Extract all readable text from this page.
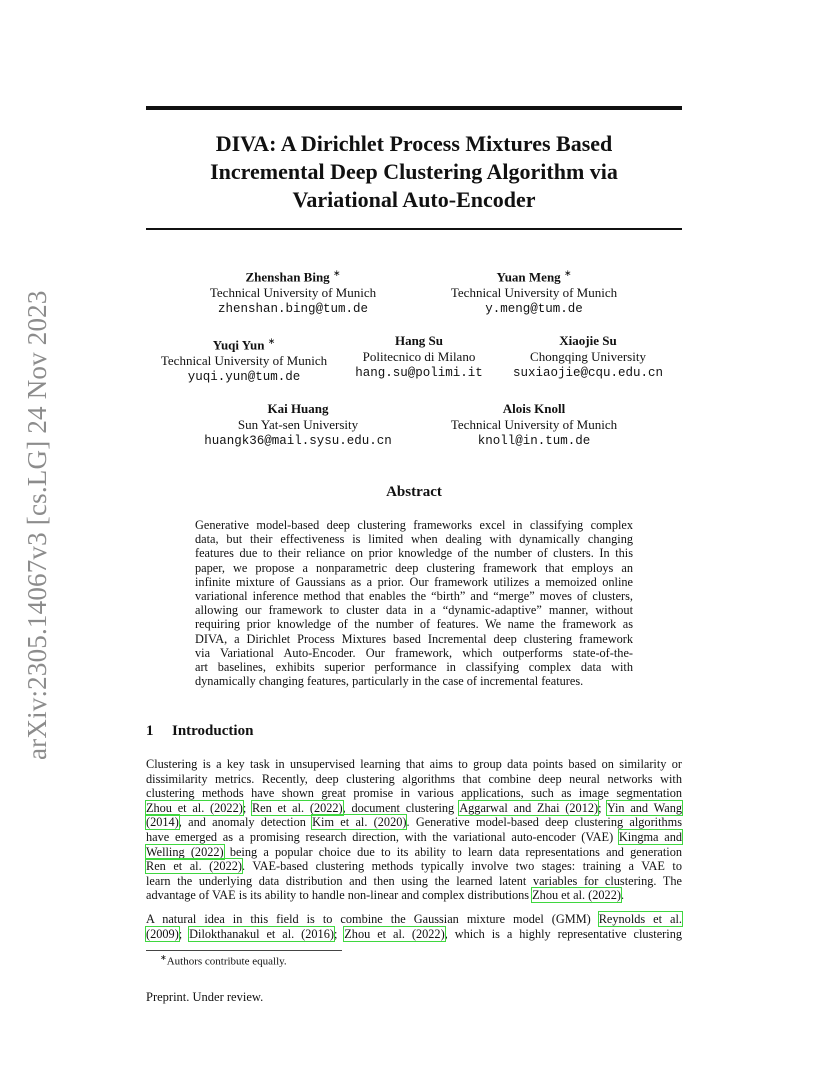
arXiv:2305.14067v3 [cs.LG] 24 Nov 2023
DIVA: A Dirichlet Process Mixtures Based
Incremental Deep Clustering Algorithm via
Variational Auto-Encoder
Zhenshan Bing ∗
Technical University of Munich
zhenshan.bing@tum.de
Yuan Meng ∗
Technical University of Munich
y.meng@tum.de
Yuqi Yun ∗
Technical University of Munich
yuqi.yun@tum.de
Hang Su
Politecnico di Milano
hang.su@polimi.it
Xiaojie Su
Chongqing University
suxiaojie@cqu.edu.cn
Kai Huang
Sun Yat-sen University
huangk36@mail.sysu.edu.cn
Alois Knoll
Technical University of Munich
knoll@in.tum.de
Abstract
Generative model-based deep clustering frameworks excel in classifying complex
data, but their effectiveness is limited when dealing with dynamically changing
features due to their reliance on prior knowledge of the number of clusters. In this
paper, we propose a nonparametric deep clustering framework that employs an
infinite mixture of Gaussians as a prior. Our framework utilizes a memoized online
variational inference method that enables the “birth” and “merge” moves of clusters,
allowing our framework to cluster data in a “dynamic-adaptive” manner, without
requiring prior knowledge of the number of features. We name the framework as
DIVA, a Dirichlet Process Mixtures based Incremental deep clustering framework
via Variational Auto-Encoder. Our framework, which outperforms state-of-the-
art baselines, exhibits superior performance in classifying complex data with
dynamically changing features, particularly in the case of incremental features.
1 Introduction
Clustering is a key task in unsupervised learning that aims to group data points based on similarity or
dissimilarity metrics. Recently, deep clustering algorithms that combine deep neural networks with
clustering methods have shown great promise in various applications, such as image segmentation
Zhou et al. (2022); Ren et al. (2022), document clustering Aggarwal and Zhai (2012); Yin and Wang
(2014), and anomaly detection Kim et al. (2020). Generative model-based deep clustering algorithms
have emerged as a promising research direction, with the variational auto-encoder (VAE) Kingma and
Welling (2022) being a popular choice due to its ability to learn data representations and generation
Ren et al. (2022). VAE-based clustering methods typically involve two stages: training a VAE to
learn the underlying data distribution and then using the learned latent variables for clustering. The
advantage of VAE is its ability to handle non-linear and complex distributions Zhou et al. (2022).
A natural idea in this field is to combine the Gaussian mixture model (GMM) Reynolds et al.
(2009); Dilokthanakul et al. (2016); Zhou et al. (2022), which is a highly representative clustering
∗Authors contribute equally.
Preprint. Under review.
